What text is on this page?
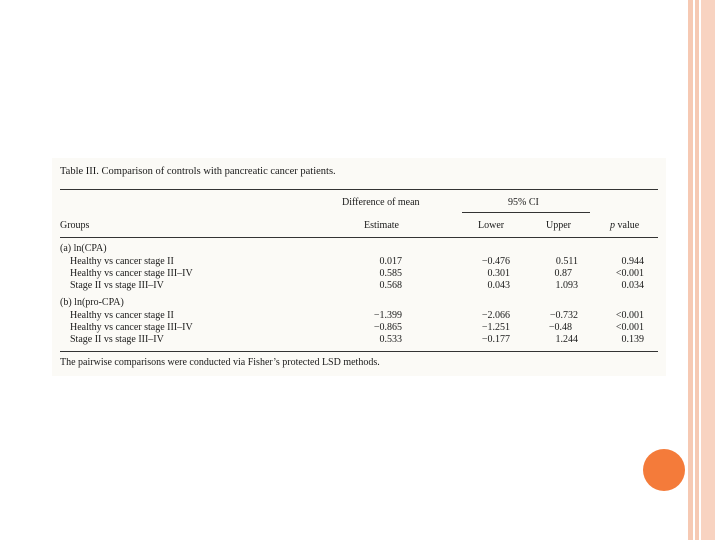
Table III. Comparison of controls with pancreatic cancer patients.
Difference of mean	95% CI
Groups	Estimate	Lower	Upper	p value
(a) ln(CPA)
Healthy vs cancer stage II	0.017	−0.476	0.511	0.944
Healthy vs cancer stage III–IV	0.585	0.301	0.87	<0.001
Stage II vs stage III–IV	0.568	0.043	1.093	0.034
(b) ln(pro-CPA)
Healthy vs cancer stage II	−1.399	−2.066	−0.732	<0.001
Healthy vs cancer stage III–IV	−0.865	−1.251	−0.48	<0.001
Stage II vs stage III–IV	0.533	−0.177	1.244	0.139
The pairwise comparisons were conducted via Fisher’s protected LSD methods.
